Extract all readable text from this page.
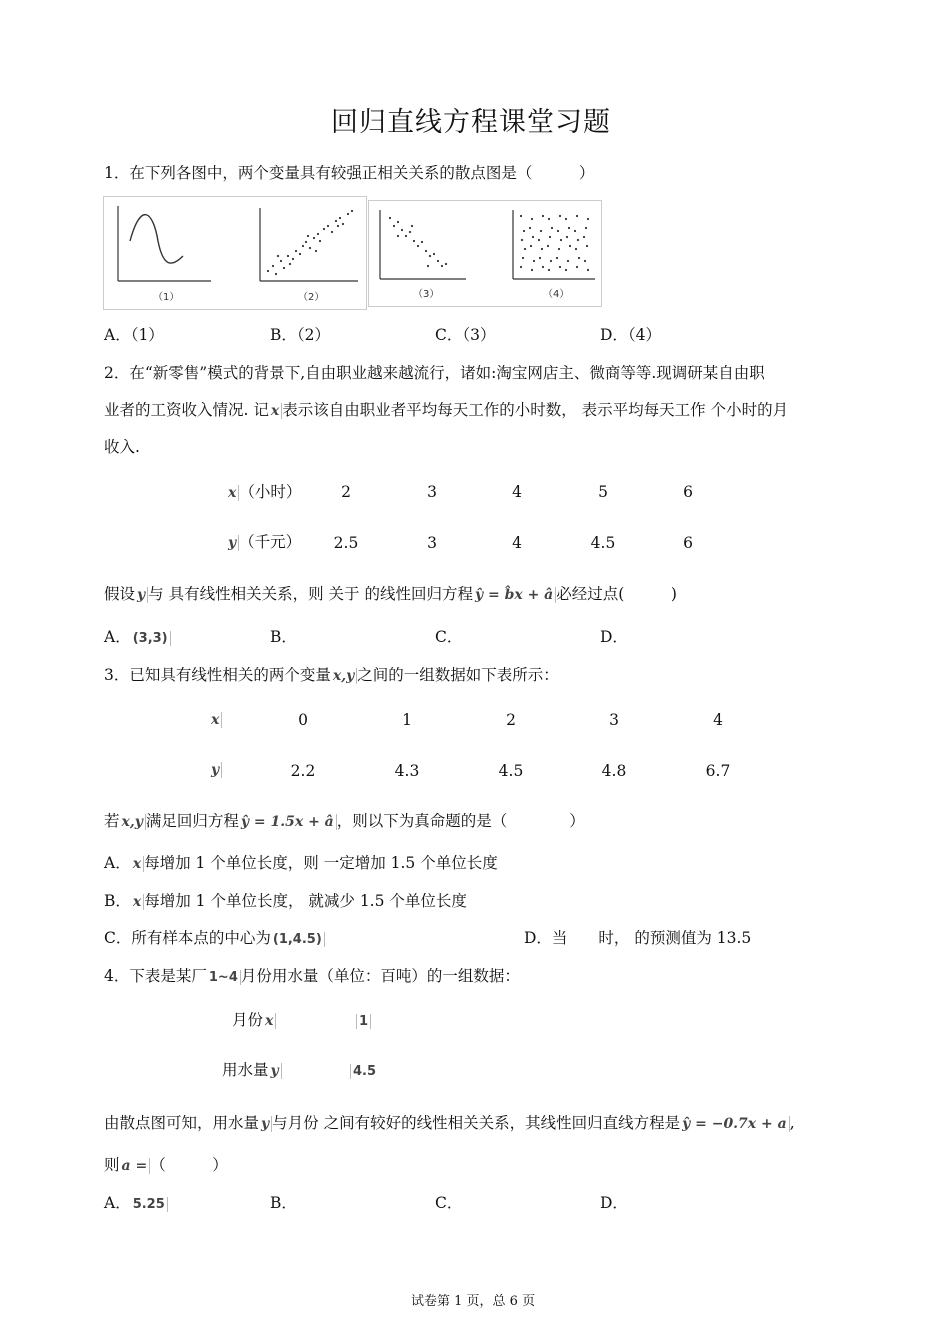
回归直线方程课堂习题
1．在下列各图中，两个变量具有较强正相关关系的散点图是（　　　）
（1）	（2）	（3）	（4）
A．（1）	B．（2）	C．（3）	D．（4）
2．在“新零售”模式的背景下,自由职业越来越流行，诸如:淘宝网店主、微商等等.现调研某自由职
业者的工资收入情况. 记 x 表示该自由职业者平均每天工作的小时数， 表示平均每天工作 个小时的月
收入.
x （小时）	2	3	4	5	6
y （千元）	2.5	3	4	4.5	6
假设 y 与 具有线性相关关系，则 关于 的线性回归方程 ŷ = b̂x + â 必经过点(　　　)
A． (3,3)	B．	C．	D．
3．已知具有线性相关的两个变量 x,y 之间的一组数据如下表所示：
x	0	1	2	3	4
y	2.2	4.3	4.5	4.8	6.7
若 x,y 满足回归方程 ŷ = 1.5x + â ，则以下为真命题的是（　　　　）
A． x 每增加 1 个单位长度，则 一定增加 1.5 个单位长度
B． x 每增加 1 个单位长度， 就减少 1.5 个单位长度
C．所有样本点的中心为 (1,4.5)	D．当　　时， 的预测值为 13.5
4．下表是某厂 1~4 月份用水量（单位：百吨）的一组数据：
月份 x	1
用水量 y	4.5
由散点图可知，用水量 y 与月份 之间有较好的线性相关关系，其线性回归直线方程是 ŷ = −0.7x + a ,
则 a = （　　　）
A． 5.25	B．	C．	D．
试卷第 1 页，总 6 页
